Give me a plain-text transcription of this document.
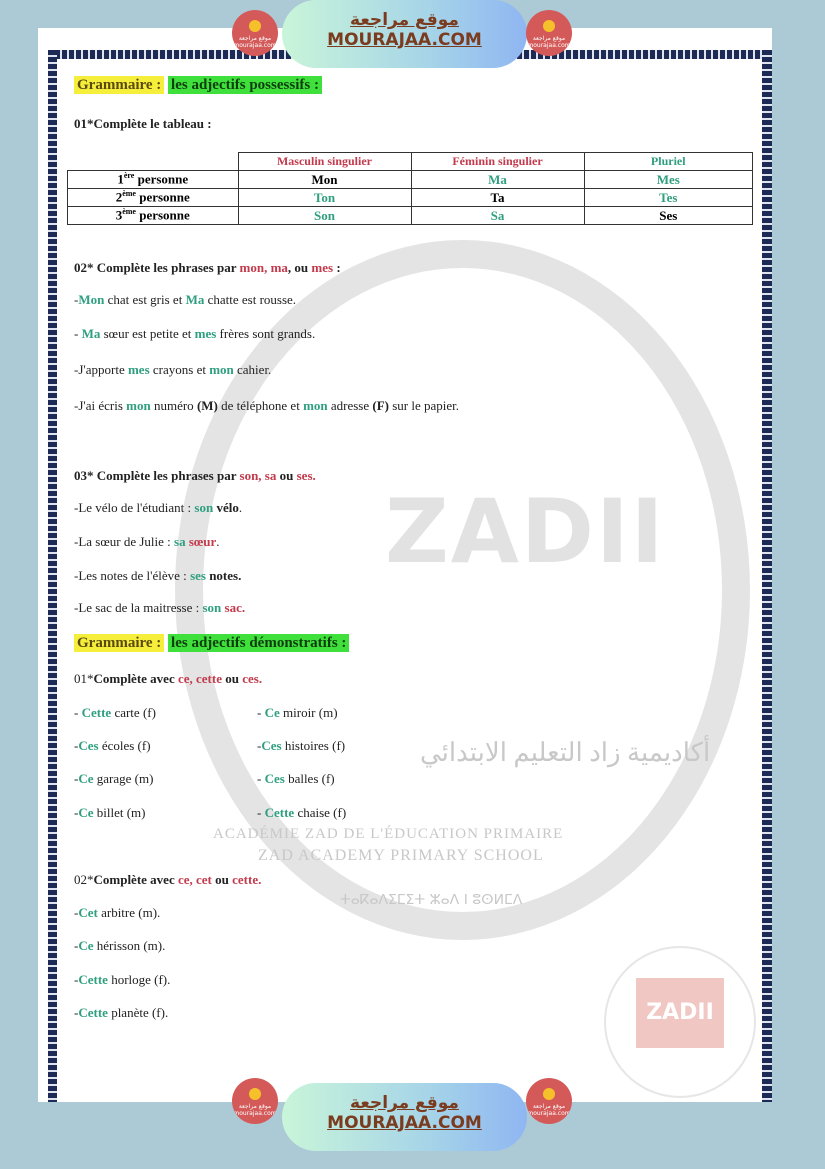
ZADII
أكاديمية زاد التعليم الابتدائي
ACADÉMIE ZAD DE L'ÉDUCATION PRIMAIRE
ZAD ACADEMY PRIMARY SCHOOL
ⵜⴰⴽⴰⴷⵉⵎⵉⵜ ⵣⴰⴷ ⵏ ⵓⵙⵍⵎⴷ
ZADII
موقع مراجعة
MOURAJAA.COM
موقع مراجعة
MOURAJAA.COM
موقع مراجعة mourajaa.com
موقع مراجعة mourajaa.com
موقع مراجعة mourajaa.com
موقع مراجعة mourajaa.com
Grammaire : les adjectifs possessifs :
01*Complète le tableau :
	Masculin singulier	Féminin singulier	Pluriel
1ère personne	Mon	Ma	Mes
2ème personne	Ton	Ta	Tes
3ème personne	Son	Sa	Ses
02* Complète les phrases par mon, ma, ou mes :
-Mon chat est gris et Ma chatte est rousse.
- Ma sœur est petite et mes frères sont grands.
-J'apporte mes crayons et mon cahier.
-J'ai écris mon numéro (M) de téléphone et mon adresse (F) sur le papier.
03* Complète les phrases par son, sa ou ses.
-Le vélo de l'étudiant : son vélo.
-La sœur de Julie : sa sœur.
-Les notes de l'élève : ses notes.
-Le sac de la maitresse : son sac.
01*Complète avec ce, cette ou ces.
- Cette carte (f)	- Ce miroir (m)
-Ces écoles (f)	-Ces histoires (f)
-Ce garage (m)	- Ces balles (f)
-Ce billet (m)	- Cette chaise (f)
02*Complète avec ce, cet ou cette.
-Cet arbitre (m).
-Ce hérisson (m).
-Cette horloge (f).
-Cette planète (f).
Grammaire : les adjectifs démonstratifs :
